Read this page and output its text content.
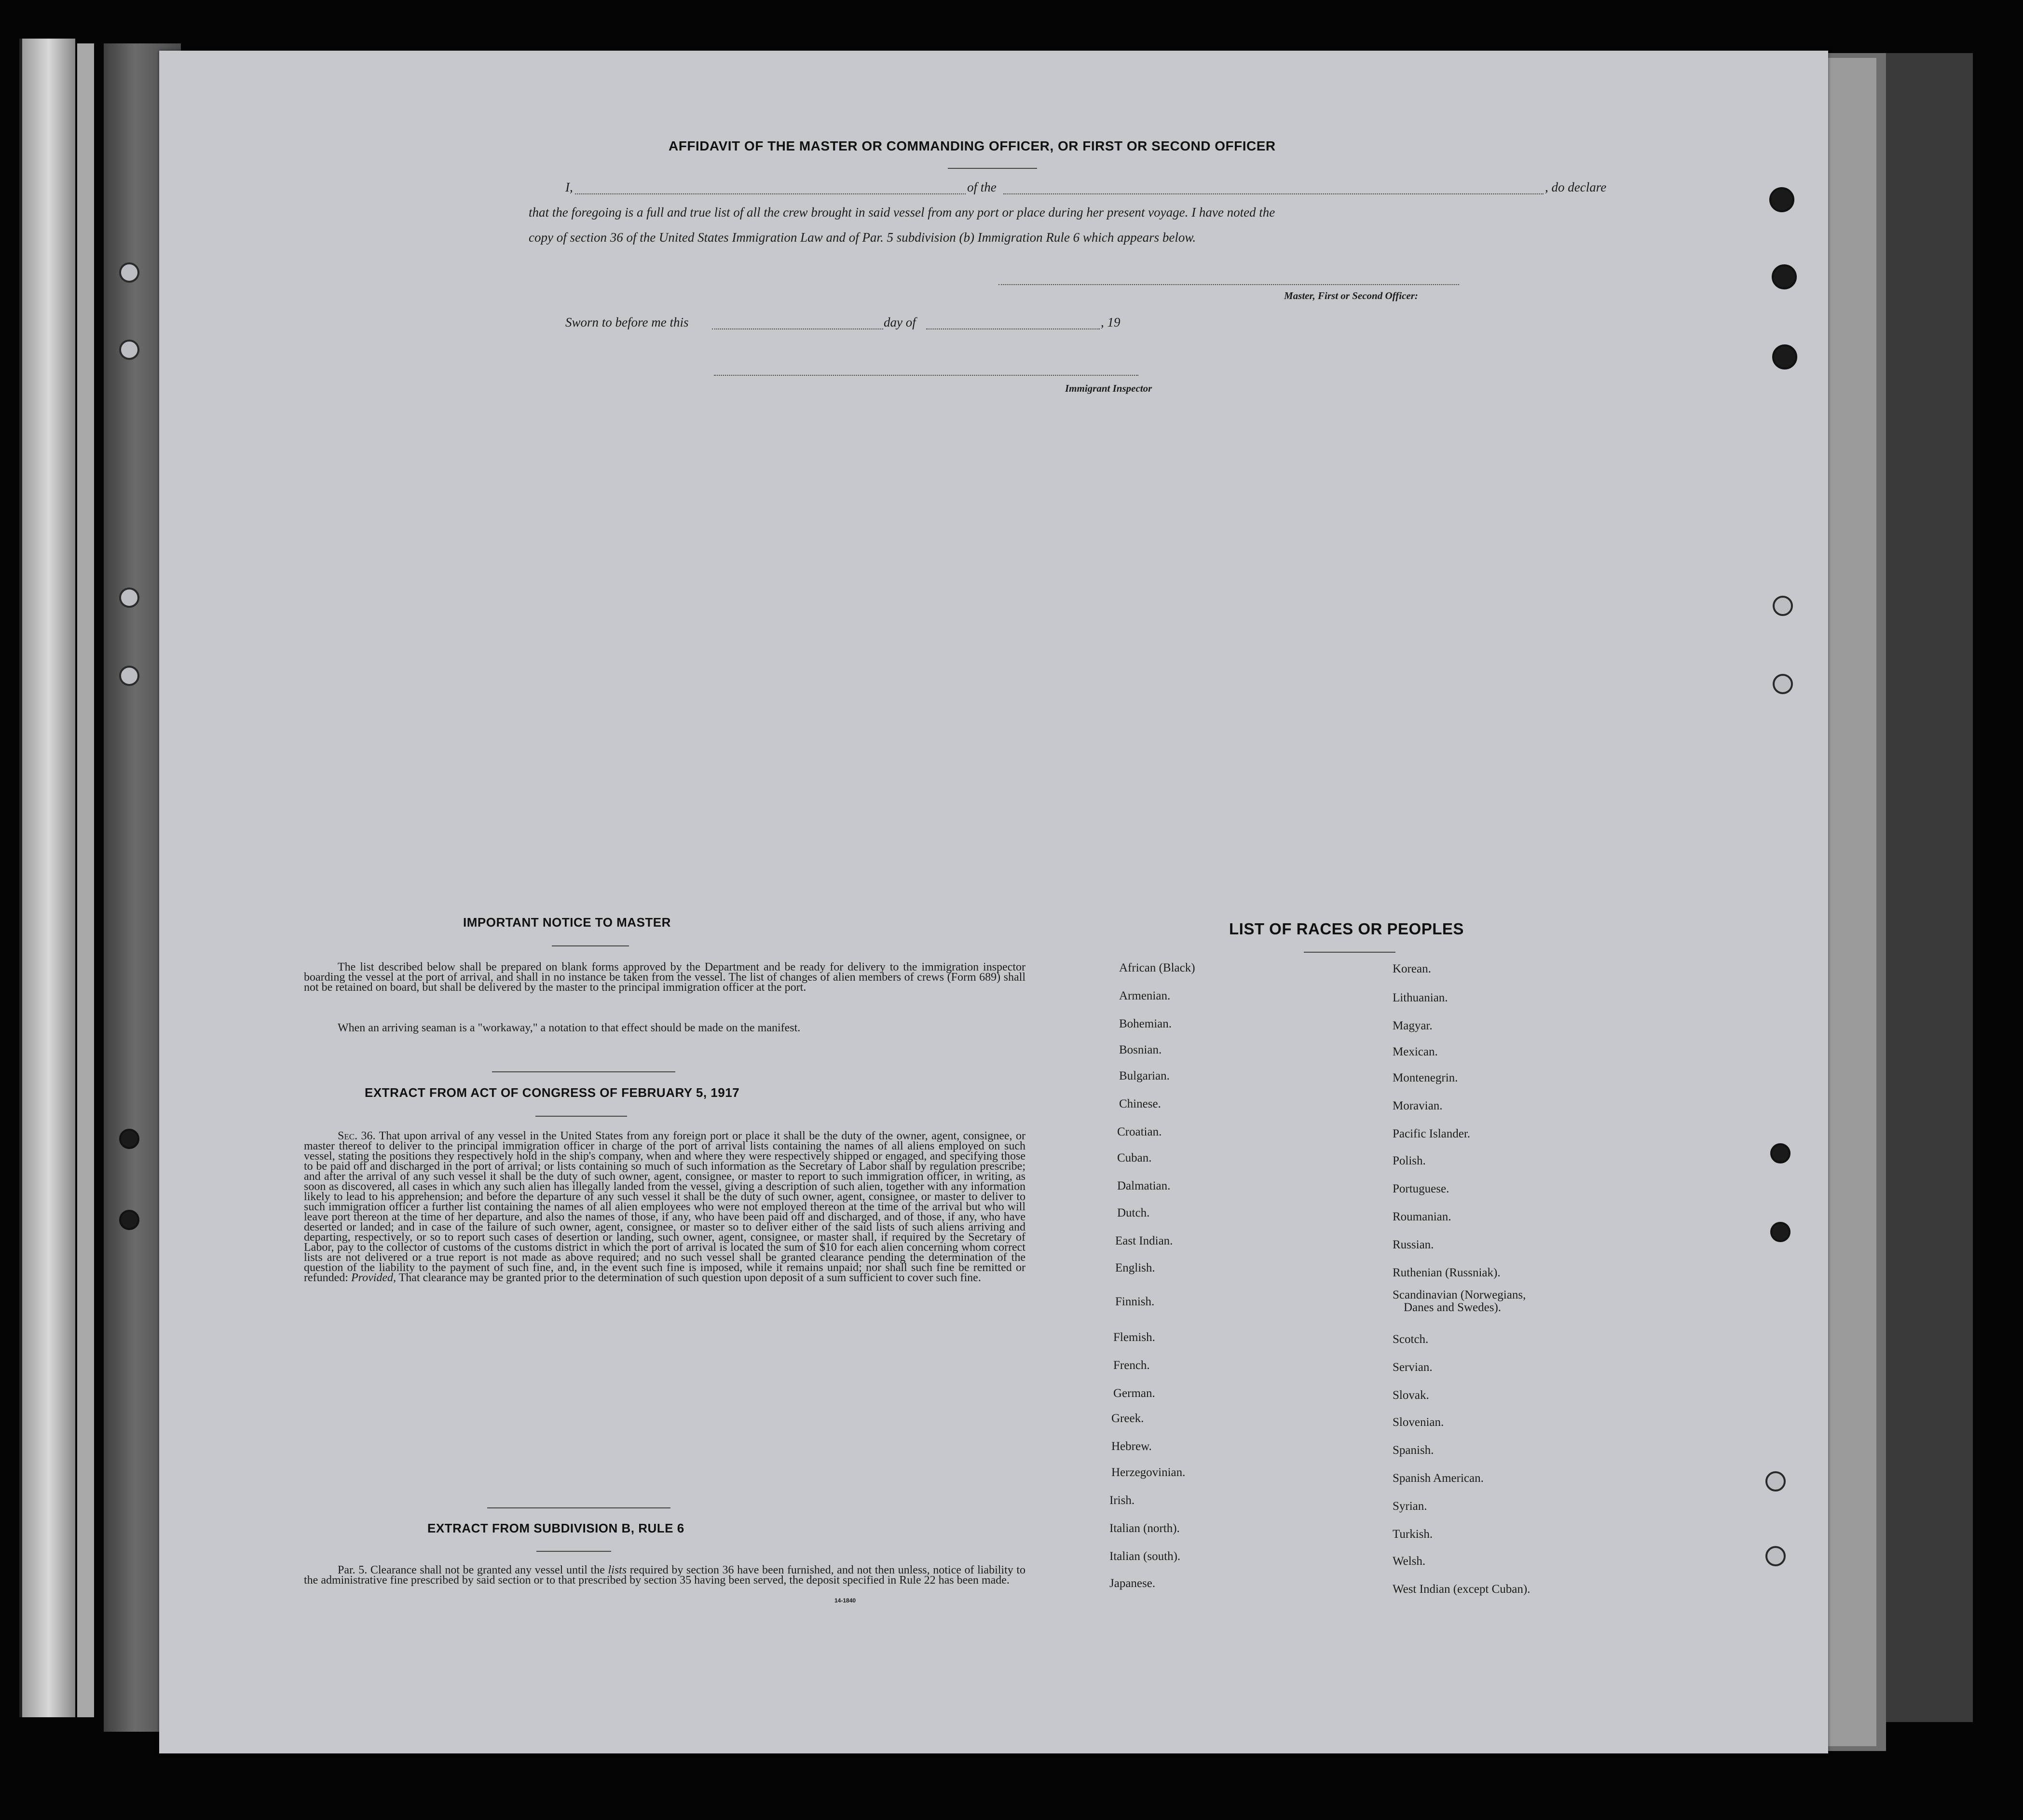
AFFIDAVIT OF THE MASTER OR COMMANDING OFFICER, OR FIRST OR SECOND OFFICER
I,	of the	, do declare
that the foregoing is a full and true list of all the crew brought in said vessel from any port or place during her present voyage. I have noted the
copy of section 36 of the United States Immigration Law and of Par. 5 subdivision (b) Immigration Rule 6 which appears below.
Master, First or Second Officer:
Sworn to before me this	day of	, 19
Immigrant Inspector
IMPORTANT NOTICE TO MASTER

The list described below shall be prepared on blank forms approved by the Department and be ready for delivery to the immigration inspector boarding the vessel at the port of arrival, and shall in no instance be taken from the vessel. The list of changes of alien members of crews (Form 689) shall not be retained on board, but shall be delivered by the master to the principal immigration officer at the port.

When an arriving seaman is a "workaway," a notation to that effect should be made on the manifest.

EXTRACT FROM ACT OF CONGRESS OF FEBRUARY 5, 1917

Sec. 36. That upon arrival of any vessel in the United States from any foreign port or place it shall be the duty of the owner, agent, consignee, or master thereof to deliver to the principal immigration officer in charge of the port of arrival lists containing the names of all aliens employed on such vessel, stating the positions they respectively hold in the ship's company, when and where they were respectively shipped or engaged, and specifying those to be paid off and discharged in the port of arrival; or lists containing so much of such information as the Secretary of Labor shall by regulation prescribe; and after the arrival of any such vessel it shall be the duty of such owner, agent, consignee, or master to report to such immigration officer, in writing, as soon as discovered, all cases in which any such alien has illegally landed from the vessel, giving a description of such alien, together with any information likely to lead to his apprehension; and before the departure of any such vessel it shall be the duty of such owner, agent, consignee, or master to deliver to such immigration officer a further list containing the names of all alien employees who were not employed thereon at the time of the arrival but who will leave port thereon at the time of her departure, and also the names of those, if any, who have been paid off and discharged, and of those, if any, who have deserted or landed; and in case of the failure of such owner, agent, consignee, or master so to deliver either of the said lists of such aliens arriving and departing, respectively, or so to report such cases of desertion or landing, such owner, agent, consignee, or master shall, if required by the Secretary of Labor, pay to the collector of customs of the customs district in which the port of arrival is located the sum of $10 for each alien concerning whom correct lists are not delivered or a true report is not made as above required; and no such vessel shall be granted clearance pending the determination of the question of the liability to the payment of such fine, and, in the event such fine is imposed, while it remains unpaid; nor shall such fine be remitted or refunded: Provided, That clearance may be granted prior to the determination of such question upon deposit of a sum sufficient to cover such fine.

EXTRACT FROM SUBDIVISION B, RULE 6

Par. 5. Clearance shall not be granted any vessel until the lists required by section 36 have been furnished, and not then unless, notice of liability to the administrative fine prescribed by said section or to that prescribed by section 35 having been served, the deposit specified in Rule 22 has been made.

14-1840
LIST OF RACES OR PEOPLES
African (Black)
Armenian.
Bohemian.
Bosnian.
Bulgarian.
Chinese.
Croatian.
Cuban.
Dalmatian.
Dutch.
East Indian.
English.
Finnish.
Flemish.
French.
German.
Greek.
Hebrew.
Herzegovinian.
Irish.
Italian (north).
Italian (south).
Japanese.
Korean.
Lithuanian.
Magyar.
Mexican.
Montenegrin.
Moravian.
Pacific Islander.
Polish.
Portuguese.
Roumanian.
Russian.
Ruthenian (Russniak).
Scandinavian (Norwegians,
Danes and Swedes).
Scotch.
Servian.
Slovak.
Slovenian.
Spanish.
Spanish American.
Syrian.
Turkish.
Welsh.
West Indian (except Cuban).
